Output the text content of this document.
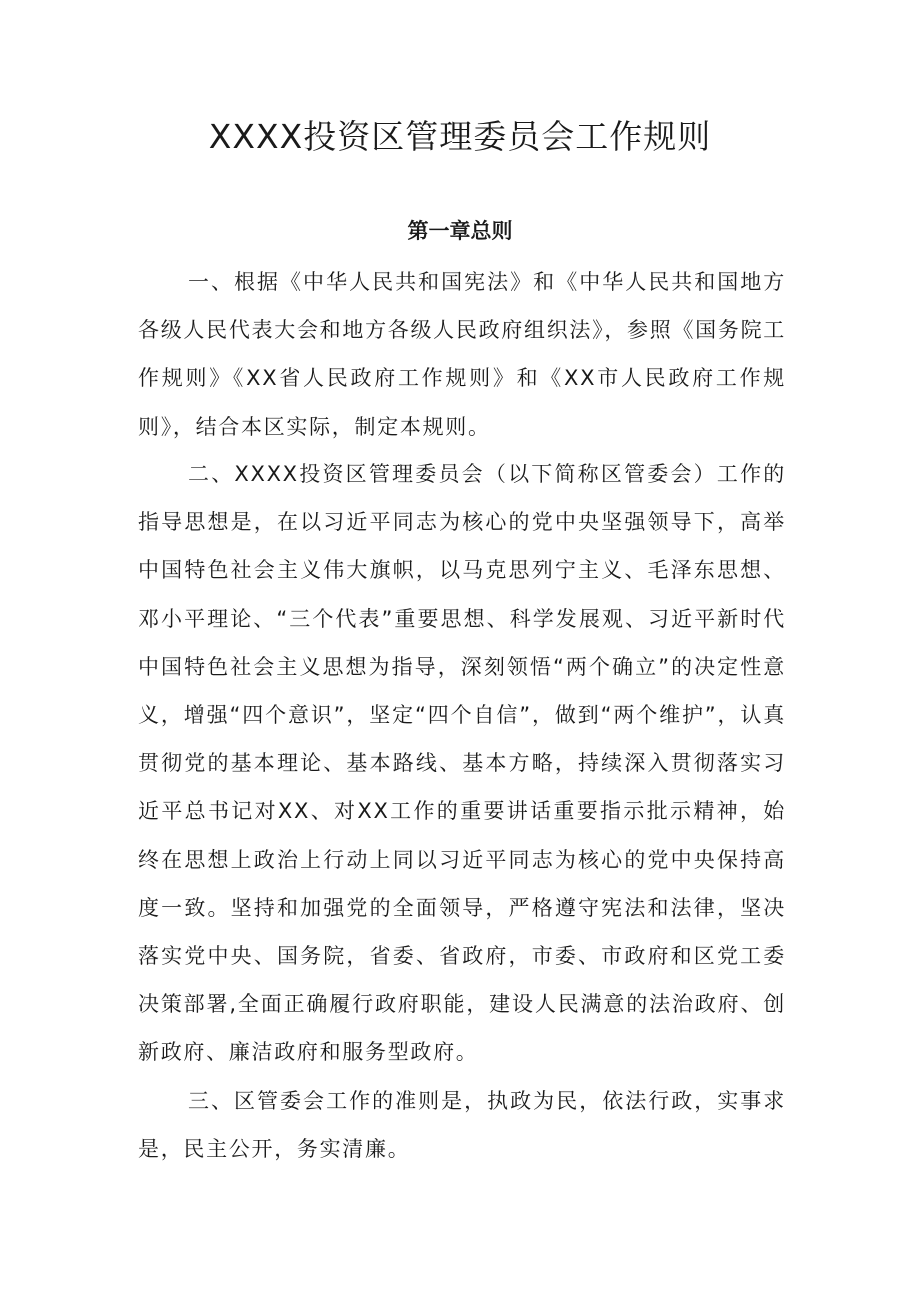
XXXX投资区管理委员会工作规则
第一章总则

一、根据《中华人民共和国宪法》和《中华人民共和国地方各级人民代表大会和地方各级人民政府组织法》，参照《国务院工作规则》《XX省人民政府工作规则》和《XX市人民政府工作规则》，结合本区实际，制定本规则。

二、XXXX投资区管理委员会（以下简称区管委会）工作的指导思想是，在以习近平同志为核心的党中央坚强领导下，高举中国特色社会主义伟大旗帜，以马克思列宁主义、毛泽东思想、邓小平理论、“三个代表”重要思想、科学发展观、习近平新时代中国特色社会主义思想为指导，深刻领悟“两个确立”的决定性意义，增强“四个意识”，坚定“四个自信”，做到“两个维护”，认真贯彻党的基本理论、基本路线、基本方略，持续深入贯彻落实习近平总书记对XX、对XX工作的重要讲话重要指示批示精神，始终在思想上政治上行动上同以习近平同志为核心的党中央保持高度一致。坚持和加强党的全面领导，严格遵守宪法和法律，坚决落实党中央、国务院，省委、省政府，市委、市政府和区党工委决策部署,全面正确履行政府职能，建设人民满意的法治政府、创新政府、廉洁政府和服务型政府。

三、区管委会工作的准则是，执政为民，依法行政，实事求是，民主公开，务实清廉。
